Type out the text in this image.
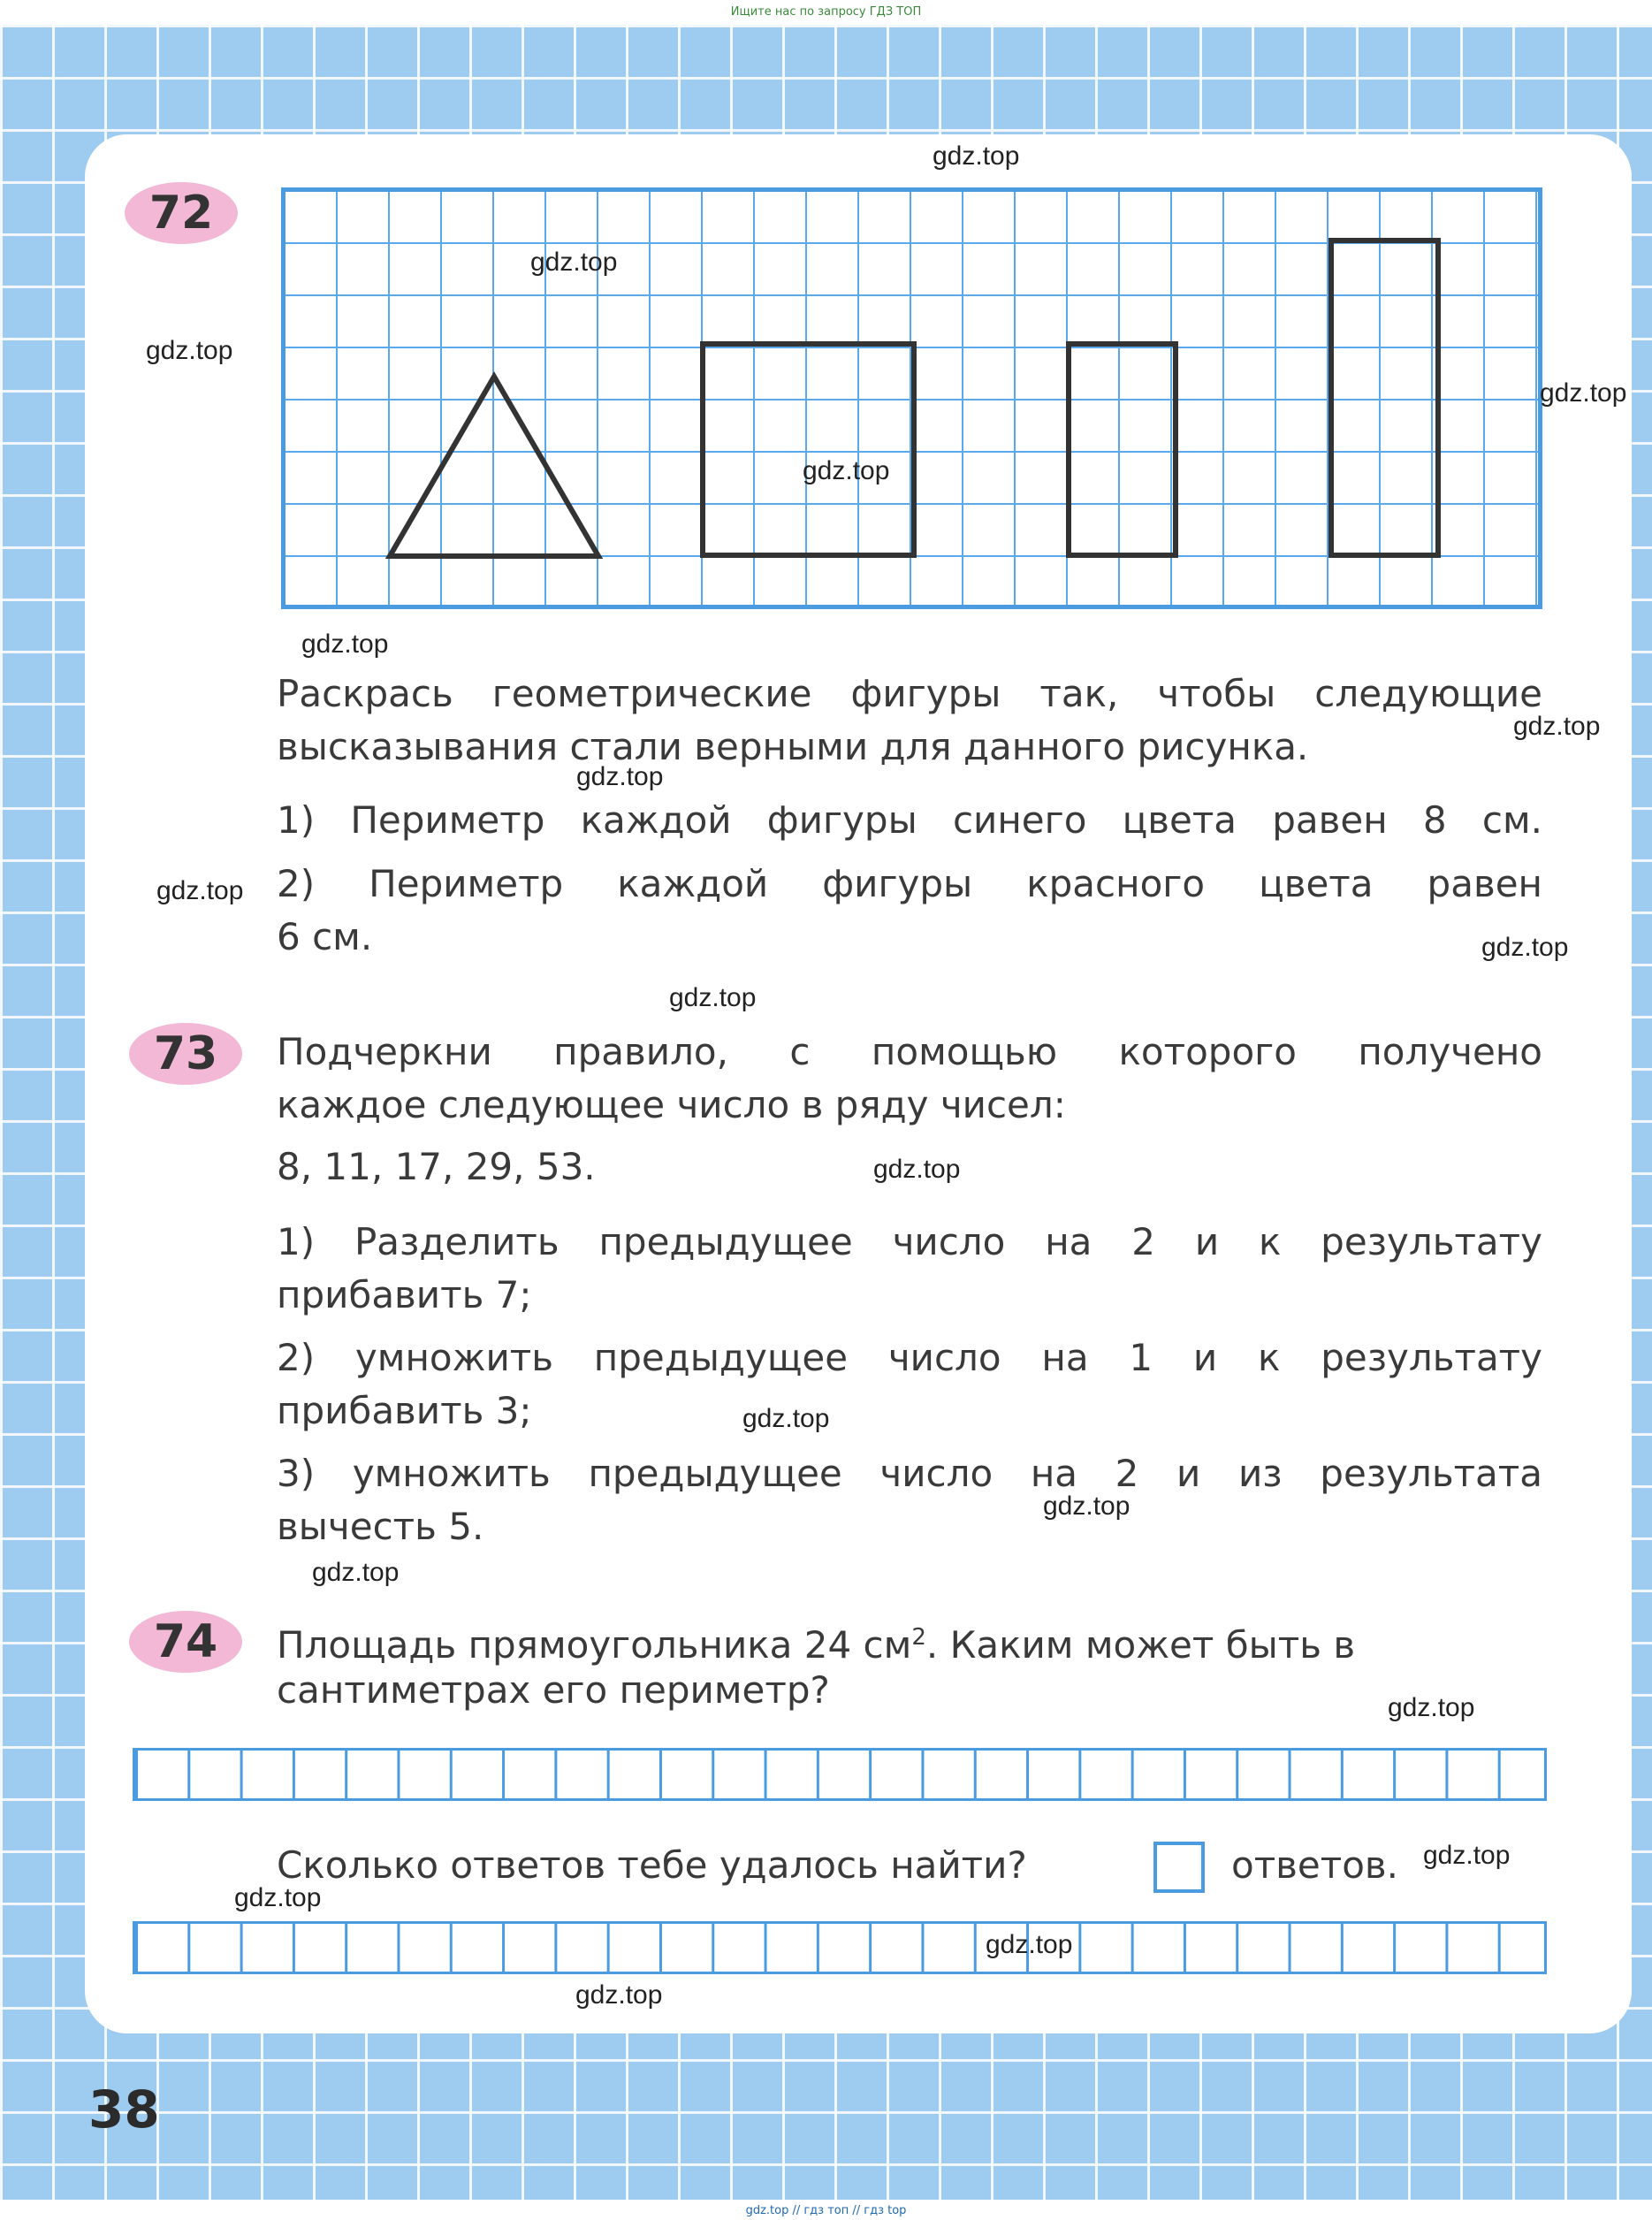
Ищите нас по запросу ГДЗ ТОП
72
Раскрась геометрические фигуры так, чтобы следующие
высказывания стали верными для данного рисунка.
1) Периметр каждой фигуры синего цвета равен 8 см.
2) Периметр каждой фигуры красного цвета равен
6 см.
73	Подчеркни правило, с помощью которого получено
каждое следующее число в ряду чисел:
8, 11, 17, 29, 53.
1) Разделить предыдущее число на 2 и к результату
прибавить 7;
2) умножить предыдущее число на 1 и к результату
прибавить 3;
3) умножить предыдущее число на 2 и из результата
вычесть 5.
74	Площадь прямоугольника 24 $см^2$. Каким может быть в
сантиметрах его периметр?
Сколько ответов тебе удалось найти?	ответов.
38
gdz.top // гдз топ // гдз top
gdz.top
gdz.top
gdz.top
gdz.top
gdz.top
gdz.top
gdz.top
gdz.top
gdz.top
gdz.top
gdz.top
gdz.top
gdz.top
gdz.top
gdz.top
gdz.top
gdz.top
gdz.top
gdz.top
gdz.top
